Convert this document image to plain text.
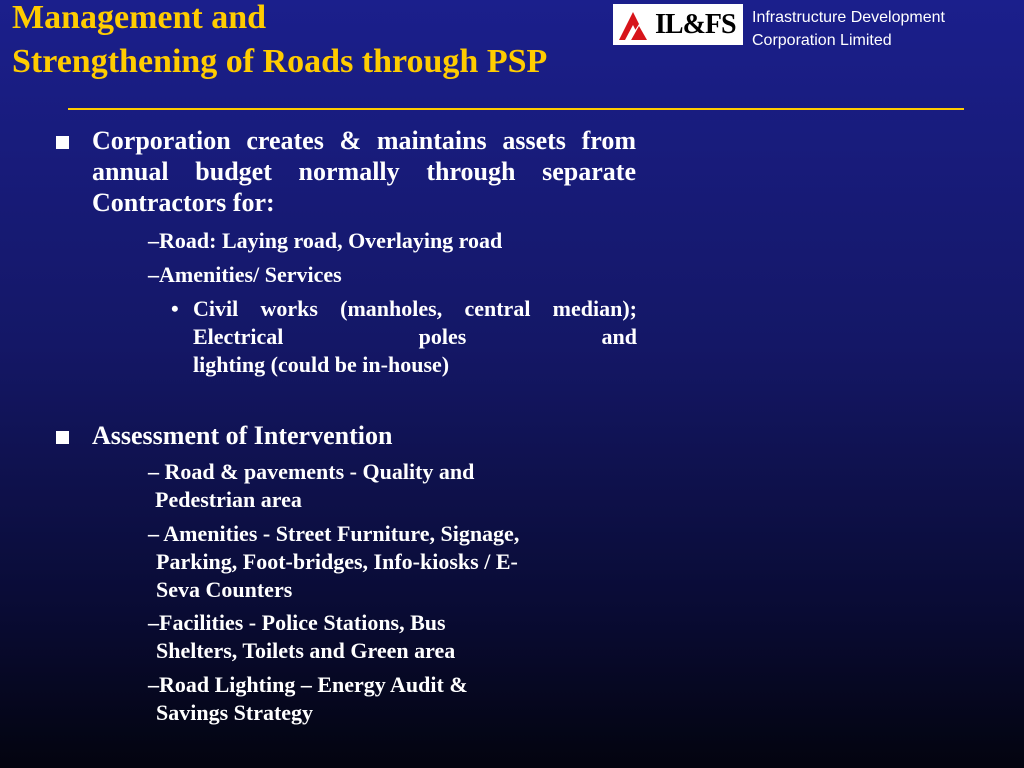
Management and
Strengthening of Roads through PSP
IL&FS Infrastructure Development
Corporation Limited
Corporation creates & maintains assets from annual budget normally through separate Contractors for:
–Road: Laying road, Overlaying road
–Amenities/ Services
• Civil works (manholes, central median); Electrical poles and
lighting (could be in-house)
Assessment of Intervention
– Road & pavements - Quality and
Pedestrian area
– Amenities - Street Furniture, Signage,
Parking, Foot-bridges, Info-kiosks / E-
Seva Counters
–Facilities - Police Stations, Bus
Shelters, Toilets and Green area
–Road Lighting – Energy Audit &
Savings Strategy
